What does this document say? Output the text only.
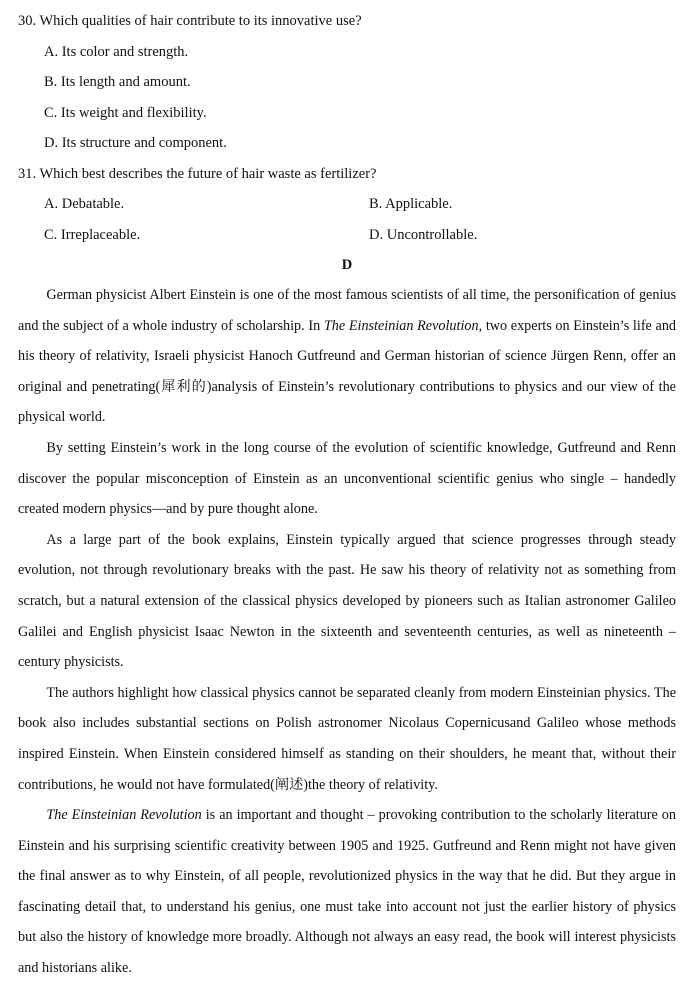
30. Which qualities of hair contribute to its innovative use?

A. Its color and strength.

B. Its length and amount.

C. Its weight and flexibility.

D. Its structure and component.

31. Which best describes the future of hair waste as fertilizer?

A. Debatable.	B. Applicable.
C. Irreplaceable.	D. Uncontrollable.

D

German physicist Albert Einstein is one of the most famous scientists of all time, the personification of genius and the subject of a whole industry of scholarship. In The Einsteinian Revolution, two experts on Einstein’s life and his theory of relativity, Israeli physicist Hanoch Gutfreund and German historian of science Jürgen Renn, offer an original and penetrating(犀利的)analysis of Einstein’s revolutionary contributions to physics and our view of the physical world.

By setting Einstein’s work in the long course of the evolution of scientific knowledge, Gutfreund and Renn discover the popular misconception of Einstein as an unconventional scientific genius who single – handedly created modern physics—and by pure thought alone.

As a large part of the book explains, Einstein typically argued that science progresses through steady evolution, not through revolutionary breaks with the past. He saw his theory of relativity not as something from scratch, but a natural extension of the classical physics developed by pioneers such as Italian astronomer Galileo Galilei and English physicist Isaac Newton in the sixteenth and seventeenth centuries, as well as nineteenth – century physicists.

The authors highlight how classical physics cannot be separated cleanly from modern Einsteinian physics. The book also includes substantial sections on Polish astronomer Nicolaus Copernicusand Galileo whose methods inspired Einstein. When Einstein considered himself as standing on their shoulders, he meant that, without their contributions, he would not have formulated(阐述)the theory of relativity.

The Einsteinian Revolution is an important and thought – provoking contribution to the scholarly literature on Einstein and his surprising scientific creativity between 1905 and 1925. Gutfreund and Renn might not have given the final answer as to why Einstein, of all people, revolutionized physics in the way that he did. But they argue in fascinating detail that, to understand his genius, one must take into account not just the earlier history of physics but also the history of knowledge more broadly. Although not always an easy read, the book will interest physicists and historians alike.
